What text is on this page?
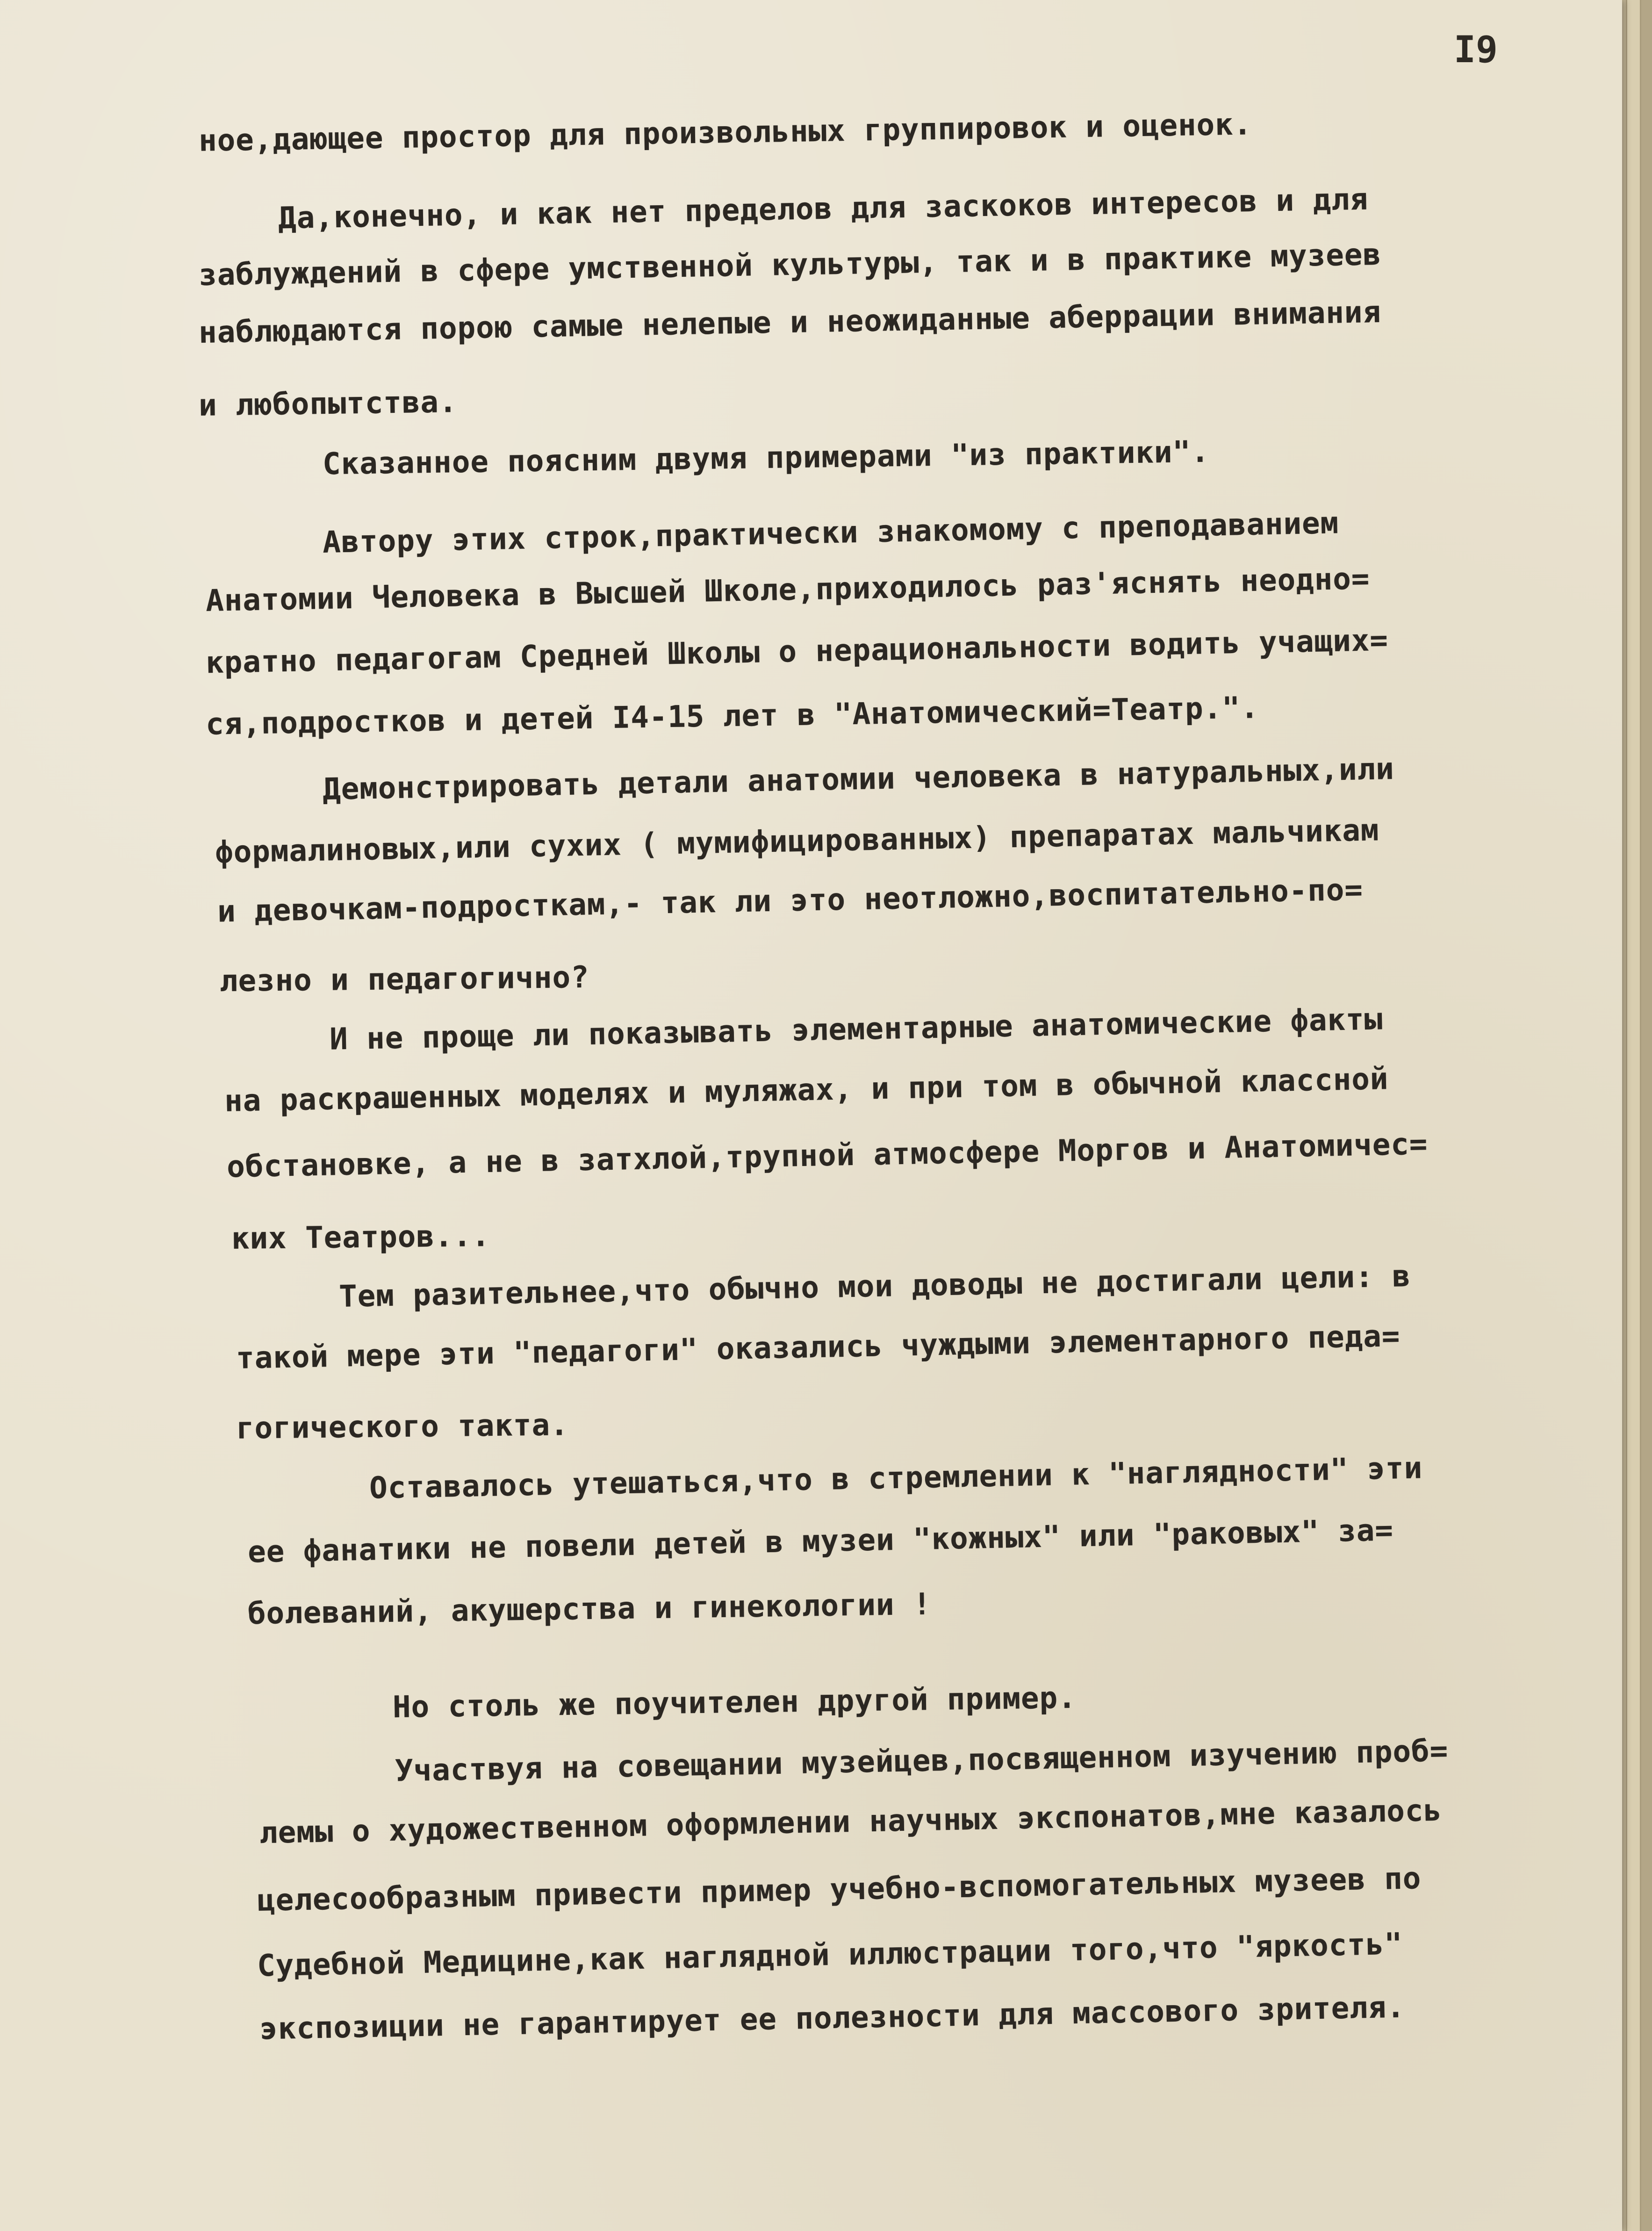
I9
ное,дающее простор для произвольных группировок и оценок.
Да,конечно, и как нет пределов для заскоков интересов и для
заблуждений в сфере умственной культуры, так и в практике музеев
наблюдаются порою самые нелепые и неожиданные аберрации внимания
и любопытства.
Сказанное поясним двумя примерами "из практики".
Автору этих строк,практически знакомому с преподаванием
Анатомии Человека в Высшей Школе,приходилось раз'яснять неодно=
кратно педагогам Средней Школы о нерациональности водить учащих=
ся,подростков и детей I4-15 лет в "Анатомический=Театр.".
Демонстрировать детали анатомии человека в натуральных,или
формалиновых,или сухих ( мумифицированных) препаратах мальчикам
и девочкам-подросткам,- так ли это неотложно,воспитательно-по=
лезно и педагогично?
И не проще ли показывать элементарные анатомические факты
на раскрашенных моделях и муляжах, и при том в обычной классной
обстановке, а не в затхлой,трупной атмосфере Моргов и Анатомичес=
ких Театров...
Тем разительнее,что обычно мои доводы не достигали цели: в
такой мере эти "педагоги" оказались чуждыми элементарного педа=
гогического такта.
Оставалось утешаться,что в стремлении к "наглядности" эти
ее фанатики не повели детей в музеи "кожных" или "раковых" за=
болеваний, акушерства и гинекологии !
Но столь же поучителен другой пример.
Участвуя на совещании музейцев,посвященном изучению проб=
лемы о художественном оформлении научных экспонатов,мне казалось
целесообразным привести пример учебно-вспомогательных музеев по
Судебной Медицине,как наглядной иллюстрации того,что "яркость"
экспозиции не гарантирует ее полезности для массового зрителя.
